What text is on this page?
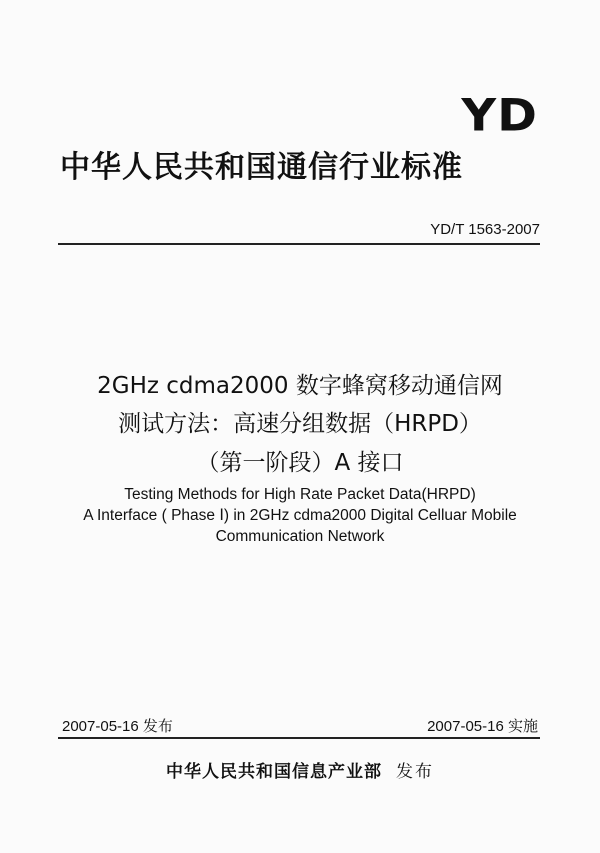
YD
中华人民共和国通信行业标准
YD/T 1563-2007
2GHz cdma2000 数字蜂窝移动通信网
测试方法：高速分组数据（HRPD）
（第一阶段）A 接口
Testing Methods for High Rate Packet Data(HRPD)
A Interface ( Phase Ⅰ) in 2GHz cdma2000 Digital Celluar Mobile
Communication Network
2007-05-16 发布	2007-05-16 实施
中华人民共和国信息产业部 发布
